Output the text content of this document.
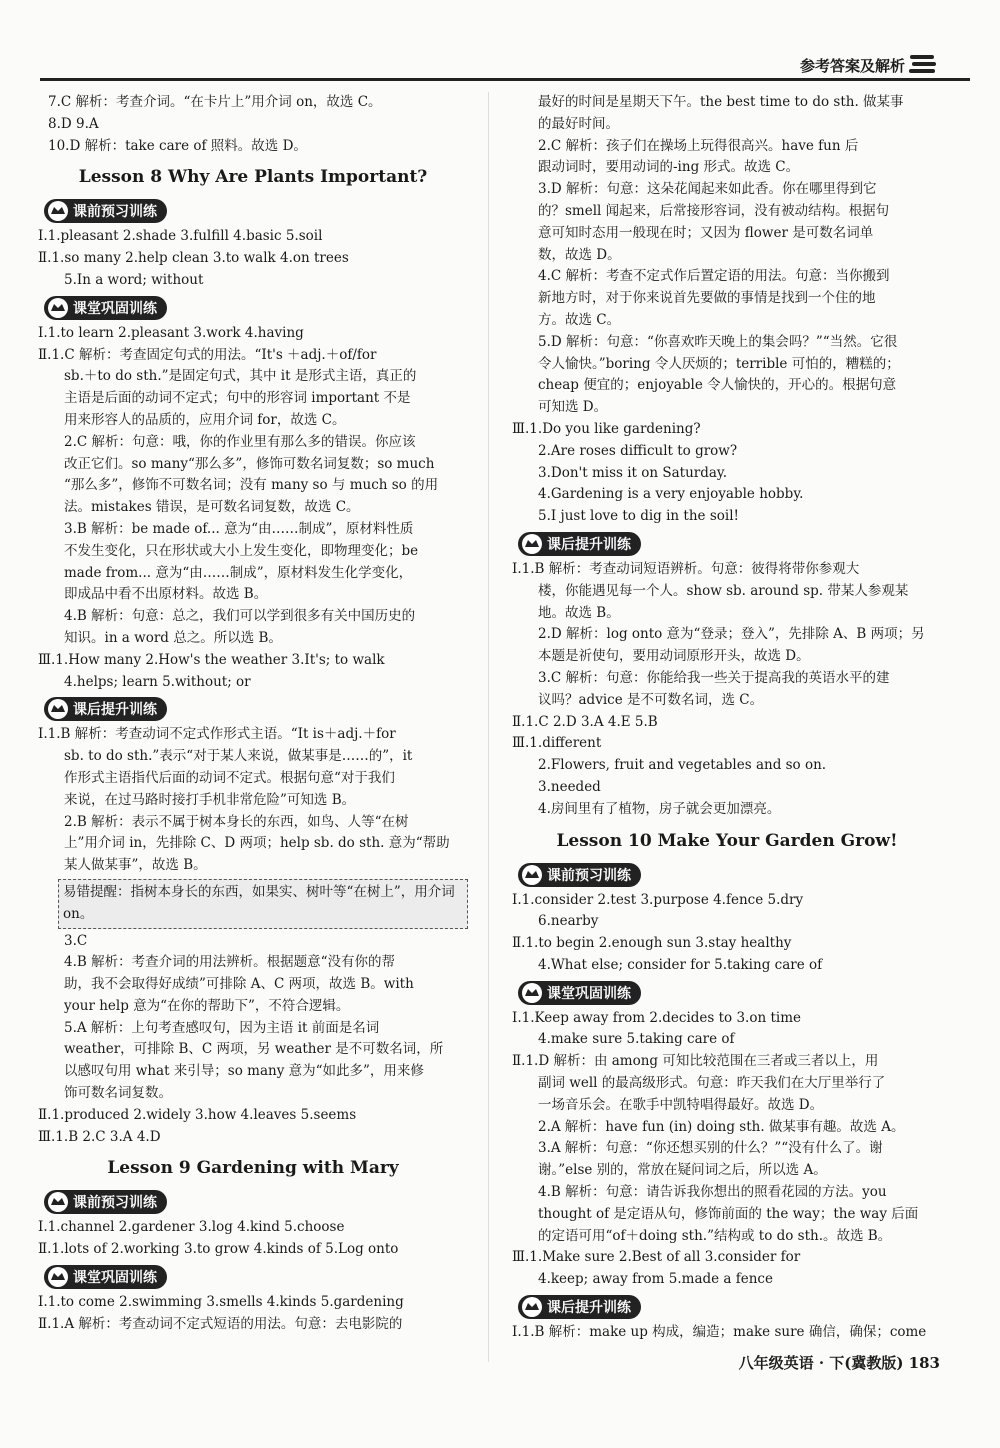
参考答案及解析
7.C 解析：考查介词。“在卡片上”用介词 on，故选 C。
8.D 9.A
10.D 解析：take care of 照料。故选 D。
Lesson 8 Why Are Plants Important?
课前预习训练
Ⅰ.1.pleasant 2.shade 3.fulfill 4.basic 5.soil
Ⅱ.1.so many 2.help clean 3.to walk 4.on trees
5.In a word; without
课堂巩固训练
Ⅰ.1.to learn 2.pleasant 3.work 4.having
Ⅱ.1.C 解析：考查固定句式的用法。“It's ＋adj.＋of/for
sb.＋to do sth.”是固定句式，其中 it 是形式主语，真正的
主语是后面的动词不定式；句中的形容词 important 不是
用来形容人的品质的，应用介词 for，故选 C。
2.C 解析：句意：哦，你的作业里有那么多的错误。你应该
改正它们。so many“那么多”，修饰可数名词复数；so much
“那么多”，修饰不可数名词；没有 many so 与 much so 的用
法。mistakes 错误，是可数名词复数，故选 C。
3.B 解析：be made of... 意为“由……制成”，原材料性质
不发生变化，只在形状或大小上发生变化，即物理变化；be
made from... 意为“由……制成”，原材料发生化学变化，
即成品中看不出原材料。故选 B。
4.B 解析：句意：总之，我们可以学到很多有关中国历史的
知识。in a word 总之。所以选 B。
Ⅲ.1.How many 2.How's the weather 3.It's; to walk
4.helps; learn 5.without; or
课后提升训练
Ⅰ.1.B 解析：考查动词不定式作形式主语。“It is＋adj.＋for
sb. to do sth.”表示“对于某人来说，做某事是……的”，it
作形式主语指代后面的动词不定式。根据句意“对于我们
来说，在过马路时接打手机非常危险”可知选 B。
2.B 解析：表示不属于树本身长的东西，如鸟、人等“在树
上”用介词 in，先排除 C、D 两项；help sb. do sth. 意为“帮助
某人做某事”，故选 B。
易错提醒：指树本身长的东西，如果实、树叶等“在树上”，用介词 on。
3.C
4.B 解析：考查介词的用法辨析。根据题意“没有你的帮
助，我不会取得好成绩”可排除 A、C 两项，故选 B。with
your help 意为“在你的帮助下”，不符合逻辑。
5.A 解析：上句考查感叹句，因为主语 it 前面是名词
weather，可排除 B、C 两项，另 weather 是不可数名词，所
以感叹句用 what 来引导；so many 意为“如此多”，用来修
饰可数名词复数。
Ⅱ.1.produced 2.widely 3.how 4.leaves 5.seems
Ⅲ.1.B 2.C 3.A 4.D
Lesson 9 Gardening with Mary
课前预习训练
Ⅰ.1.channel 2.gardener 3.log 4.kind 5.choose
Ⅱ.1.lots of 2.working 3.to grow 4.kinds of 5.Log onto
课堂巩固训练
Ⅰ.1.to come 2.swimming 3.smells 4.kinds 5.gardening
Ⅱ.1.A 解析：考查动词不定式短语的用法。句意：去电影院的
最好的时间是星期天下午。the best time to do sth. 做某事
的最好时间。
2.C 解析：孩子们在操场上玩得很高兴。have fun 后
跟动词时，要用动词的-ing 形式。故选 C。
3.D 解析：句意：这朵花闻起来如此香。你在哪里得到它
的？smell 闻起来，后常接形容词，没有被动结构。根据句
意可知时态用一般现在时；又因为 flower 是可数名词单
数，故选 D。
4.C 解析：考查不定式作后置定语的用法。句意：当你搬到
新地方时，对于你来说首先要做的事情是找到一个住的地
方。故选 C。
5.D 解析：句意：“你喜欢昨天晚上的集会吗？”“当然。它很
令人愉快。”boring 令人厌烦的；terrible 可怕的，糟糕的；
cheap 便宜的；enjoyable 令人愉快的，开心的。根据句意
可知选 D。
Ⅲ.1.Do you like gardening?
2.Are roses difficult to grow?
3.Don't miss it on Saturday.
4.Gardening is a very enjoyable hobby.
5.I just love to dig in the soil!
课后提升训练
Ⅰ.1.B 解析：考查动词短语辨析。句意：彼得将带你参观大
楼，你能遇见每一个人。show sb. around sp. 带某人参观某
地。故选 B。
2.D 解析：log onto 意为“登录；登入”，先排除 A、B 两项；另
本题是祈使句，要用动词原形开头，故选 D。
3.C 解析：句意：你能给我一些关于提高我的英语水平的建
议吗？advice 是不可数名词，选 C。
Ⅱ.1.C 2.D 3.A 4.E 5.B
Ⅲ.1.different
2.Flowers, fruit and vegetables and so on.
3.needed
4.房间里有了植物，房子就会更加漂亮。
Lesson 10 Make Your Garden Grow!
课前预习训练
Ⅰ.1.consider 2.test 3.purpose 4.fence 5.dry
6.nearby
Ⅱ.1.to begin 2.enough sun 3.stay healthy
4.What else; consider for 5.taking care of
课堂巩固训练
Ⅰ.1.Keep away from 2.decides to 3.on time
4.make sure 5.taking care of
Ⅱ.1.D 解析：由 among 可知比较范围在三者或三者以上，用
副词 well 的最高级形式。句意：昨天我们在大厅里举行了
一场音乐会。在歌手中凯特唱得最好。故选 D。
2.A 解析：have fun (in) doing sth. 做某事有趣。故选 A。
3.A 解析：句意：“你还想买别的什么？”“没有什么了。谢
谢。”else 别的，常放在疑问词之后，所以选 A。
4.B 解析：句意：请告诉我你想出的照看花园的方法。you
thought of 是定语从句，修饰前面的 the way；the way 后面
的定语可用“of＋doing sth.”结构或 to do sth.。故选 B。
Ⅲ.1.Make sure 2.Best of all 3.consider for
4.keep; away from 5.made a fence
课后提升训练
Ⅰ.1.B 解析：make up 构成，编造；make sure 确信，确保；come
八年级英语 · 下(冀教版) 183
